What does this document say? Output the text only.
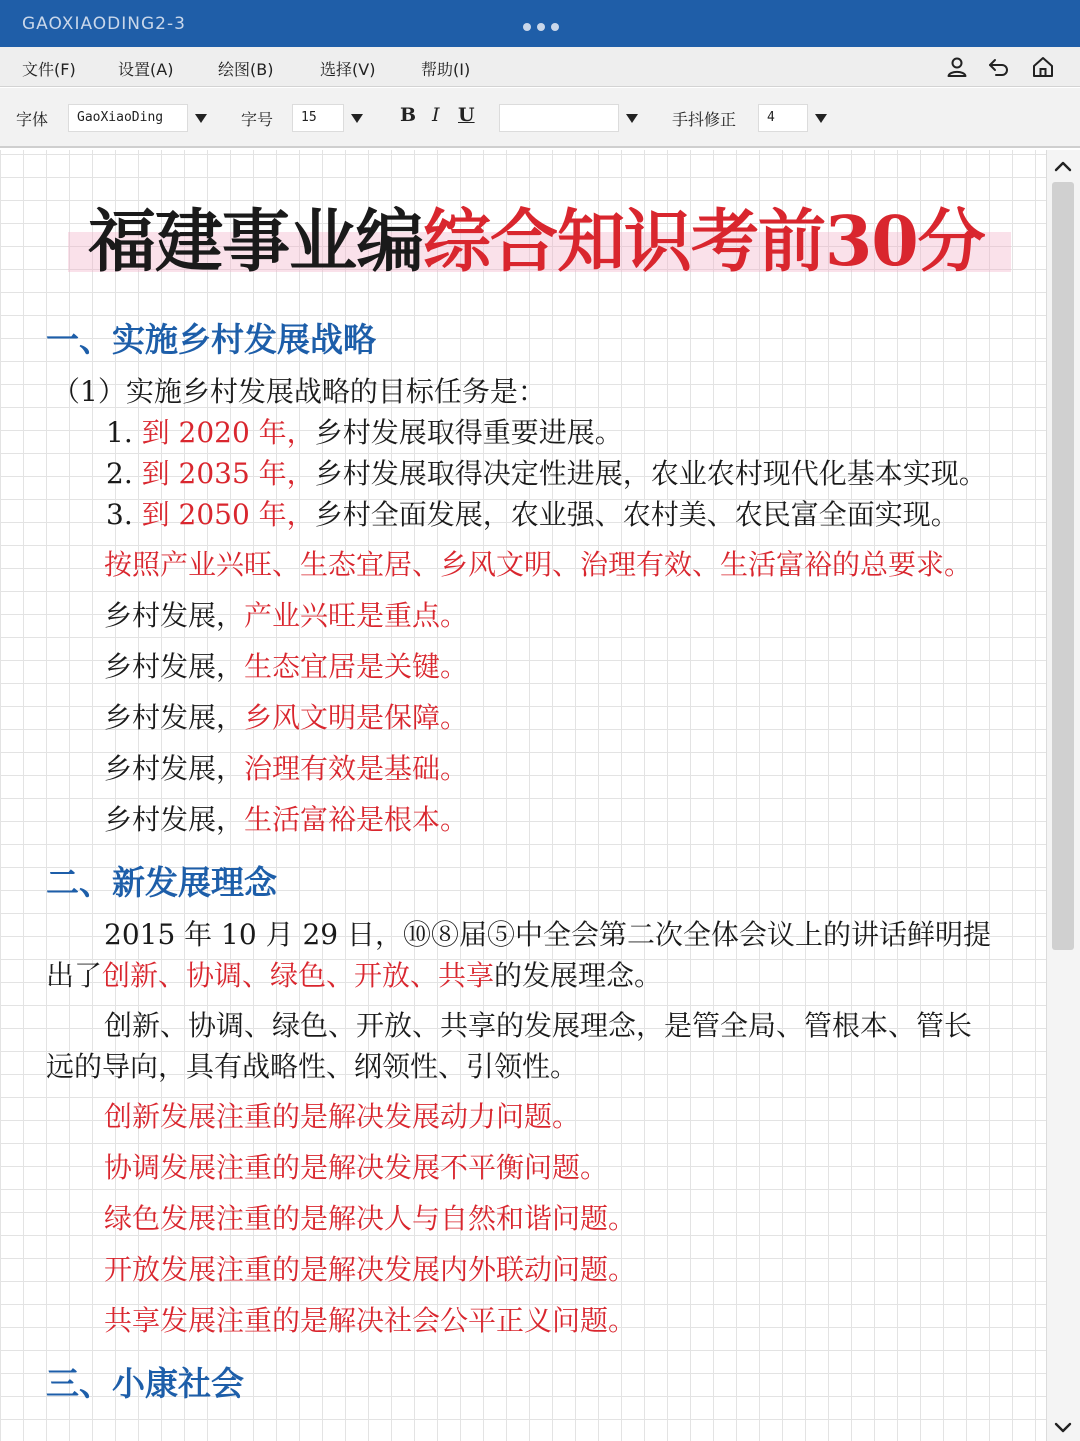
GAOXIAODING2-3
文件(F)	设置(A)	绘图(B)	选择(V)	帮助(I)
字体	GaoXiaoDing	字号	15	B I U	手抖修正	4
福建事业编综合知识考前30分
一、实施乡村发展战略
（1）实施乡村发展战略的目标任务是：
1. 到 2020 年，乡村发展取得重要进展。
2. 到 2035 年，乡村发展取得决定性进展，农业农村现代化基本实现。
3. 到 2050 年，乡村全面发展，农业强、农村美、农民富全面实现。
按照产业兴旺、生态宜居、乡风文明、治理有效、生活富裕的总要求。
乡村发展，产业兴旺是重点。
乡村发展，生态宜居是关键。
乡村发展，乡风文明是保障。
乡村发展，治理有效是基础。
乡村发展，生活富裕是根本。
二、新发展理念
2015 年 10 月 29 日，⑩⑧届⑤中全会第二次全体会议上的讲话鲜明提
出了创新、协调、绿色、开放、共享的发展理念。
创新、协调、绿色、开放、共享的发展理念，是管全局、管根本、管长
远的导向，具有战略性、纲领性、引领性。
创新发展注重的是解决发展动力问题。
协调发展注重的是解决发展不平衡问题。
绿色发展注重的是解决人与自然和谐问题。
开放发展注重的是解决发展内外联动问题。
共享发展注重的是解决社会公平正义问题。
三、小康社会
